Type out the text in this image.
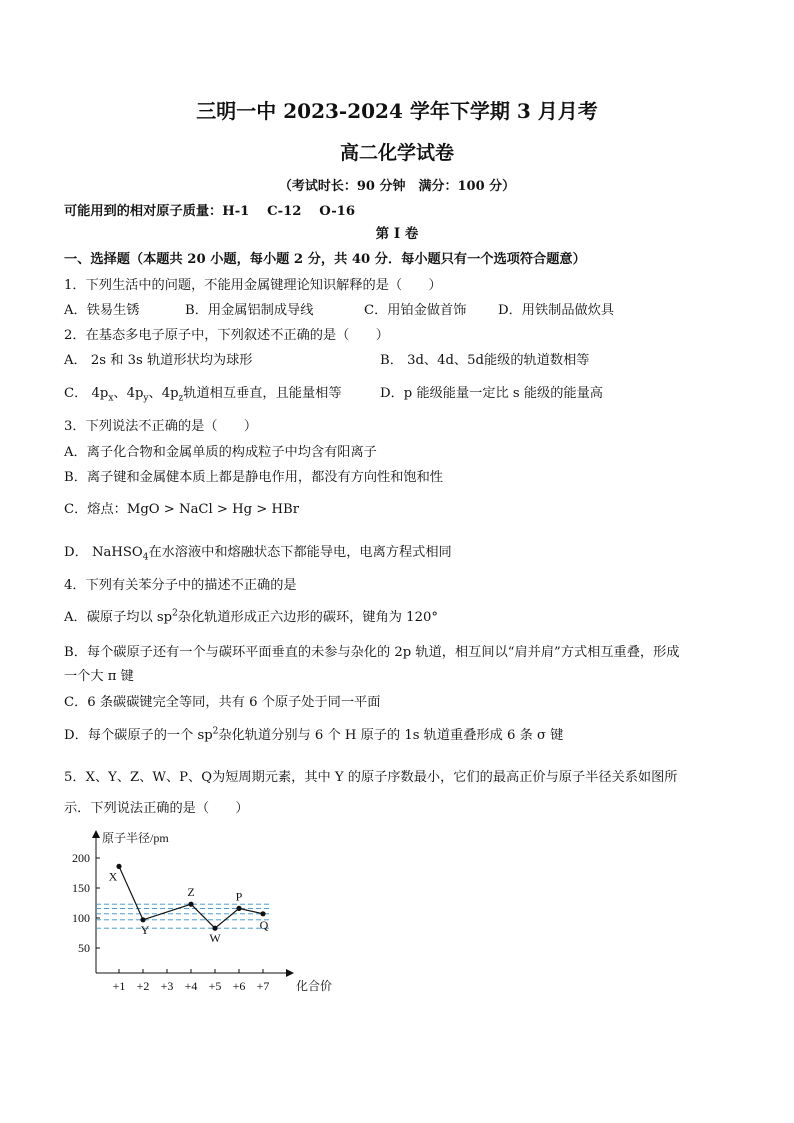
三明一中 2023-2024 学年下学期 3 月月考
高二化学试卷
（考试时长：90 分钟　满分：100 分）
可能用到的相对原子质量：H-1　 C-12　 O-16
第 I 卷
一、选择题（本题共 20 小题，每小题 2 分，共 40 分．每小题只有一个选项符合题意）
1．下列生活中的问题，不能用金属键理论知识解释的是（　　）
A．铁易生锈	B．用金属铝制成导线	C．用铂金做首饰 D．用铁制品做炊具
2．在基态多电子原子中，下列叙述不正确的是（　　）
A． 2s 和 3s 轨道形状均为球形	B． 3d、4d、5d能级的轨道数相等
C． $4p_x$、$4p_y$、$4p_z$轨道相互垂直，且能量相等	D．p 能级能量一定比 s 能级的能量高
3．下列说法不正确的是（　　）
A．离子化合物和金属单质的构成粒子中均含有阳离子
B．离子键和金属健本质上都是静电作用，都没有方向性和饱和性
C．熔点：MgO > NaCl > Hg > HBr
D． NaHSO$_4$在水溶液中和熔融状态下都能导电，电离方程式相同
4．下列有关苯分子中的描述不正确的是
A．碳原子均以 $sp^2$杂化轨道形成正六边形的碳环，键角为 120°
B．每个碳原子还有一个与碳环平面垂直的未参与杂化的 2p 轨道，相互间以“肩并肩”方式相互重叠，形成
一个大 π 键
C．6 条碳碳键完全等同，共有 6 个原子处于同一平面
D．每个碳原子的一个 $sp^2$杂化轨道分别与 6 个 H 原子的 1s 轨道重叠形成 6 条 σ 键
5．X、Y、Z、W、P、Q为短周期元素，其中 Y 的原子序数最小，它们的最高正价与原子半径关系如图所
示．下列说法正确的是（　　）
原子半径/pm
化合价
200
150
100
50
+1 +2 +3 +4 +5 +6 +7
X
Y
Z
W
P
Q
